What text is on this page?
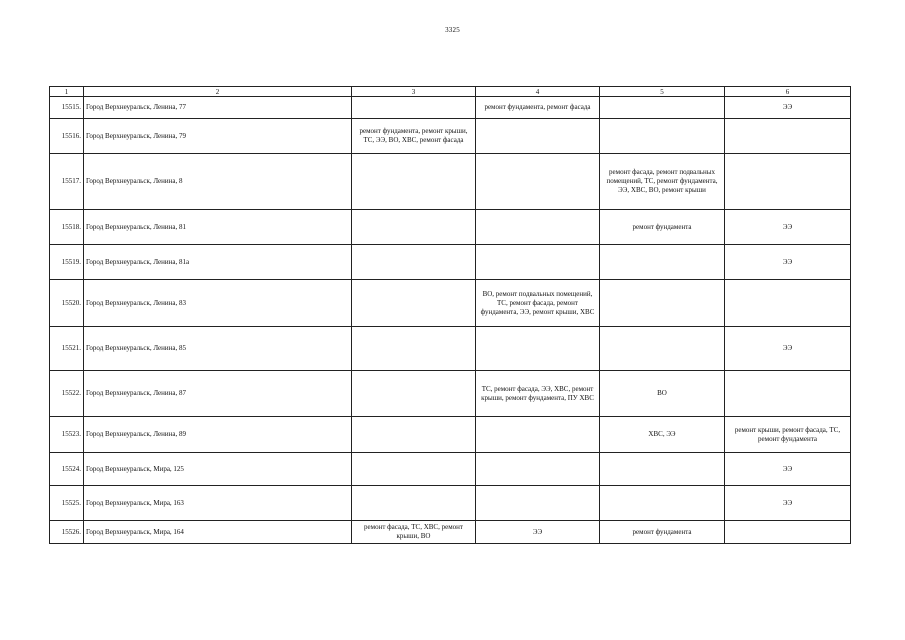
3325
1	2	3	4	5	6
15515.	Город Верхнеуральск, Ленина, 77		ремонт фундамента, ремонт фасада		ЭЭ
15516.	Город Верхнеуральск, Ленина, 79	ремонт фундамента, ремонт крыши, ТС, ЭЭ, ВО, ХВС, ремонт фасада			
15517.	Город Верхнеуральск, Ленина, 8			ремонт фасада, ремонт подвальных помещений, ТС, ремонт фундамента, ЭЭ, ХВС, ВО, ремонт крыши	
15518.	Город Верхнеуральск, Ленина, 81			ремонт фундамента	ЭЭ
15519.	Город Верхнеуральск, Ленина, 81а				ЭЭ
15520.	Город Верхнеуральск, Ленина, 83		ВО, ремонт подвальных помещений, ТС, ремонт фасада, ремонт фундамента, ЭЭ, ремонт крыши, ХВС		
15521.	Город Верхнеуральск, Ленина, 85				ЭЭ
15522.	Город Верхнеуральск, Ленина, 87		ТС, ремонт фасада, ЭЭ, ХВС, ремонт крыши, ремонт фундамента, ПУ ХВС	ВО	
15523.	Город Верхнеуральск, Ленина, 89			ХВС, ЭЭ	ремонт крыши, ремонт фасада, ТС, ремонт фундамента
15524.	Город Верхнеуральск, Мира, 125				ЭЭ
15525.	Город Верхнеуральск, Мира, 163				ЭЭ
15526.	Город Верхнеуральск, Мира, 164	ремонт фасада, ТС, ХВС, ремонт крыши, ВО	ЭЭ	ремонт фундамента	
